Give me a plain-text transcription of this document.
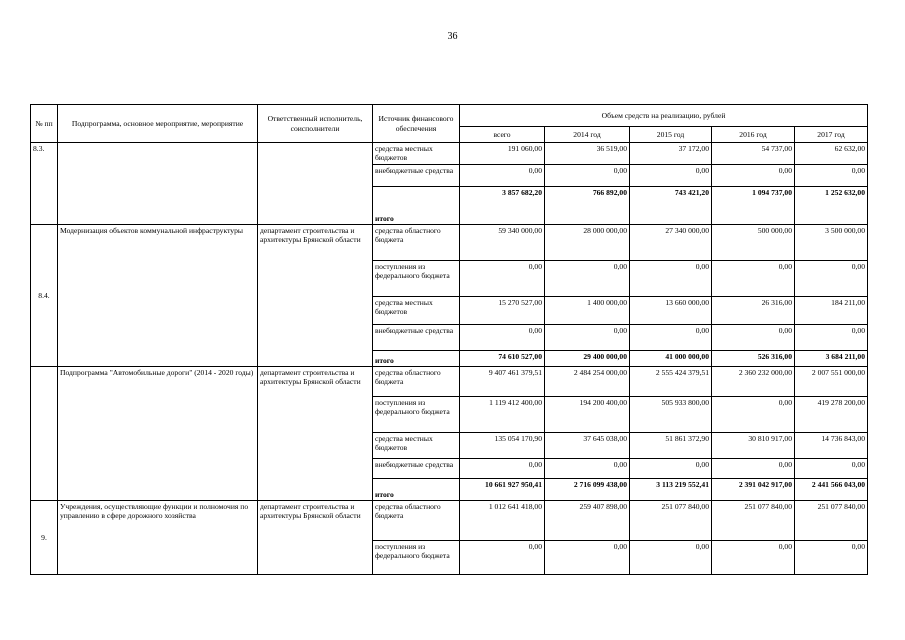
36
№ пп	Подпрограмма, основное мероприятие, мероприятие	Ответственный исполнитель, соисполнители	Источник финансового обеспечения	Объем средств на реализацию, рублей				
				всего	2014 год	2015 год	2016 год	2017 год
8.3.			средства местных бюджетов	191 060,00	36 519,00	37 172,00	54 737,00	62 632,00
			внебюджетные средства	0,00	0,00	0,00	0,00	0,00
			итого	3 857 682,20	766 892,00	743 421,20	1 094 737,00	1 252 632,00
8.4.	Модернизация объектов коммунальной инфраструктуры	департамент строительства и архитектуры Брянской области	средства областного бюджета	59 340 000,00	28 000 000,00	27 340 000,00	500 000,00	3 500 000,00
			поступления из федерального бюджета	0,00	0,00	0,00	0,00	0,00
			средства местных бюджетов	15 270 527,00	1 400 000,00	13 660 000,00	26 316,00	184 211,00
			внебюджетные средства	0,00	0,00	0,00	0,00	0,00
			итого	74 610 527,00	29 400 000,00	41 000 000,00	526 316,00	3 684 211,00
	Подпрограмма "Автомобильные дороги" (2014 - 2020 годы)	департамент строительства и архитектуры Брянской области	средства областного бюджета	9 407 461 379,51	2 484 254 000,00	2 555 424 379,51	2 360 232 000,00	2 007 551 000,00
			поступления из федерального бюджета	1 119 412 400,00	194 200 400,00	505 933 800,00	0,00	419 278 200,00
			средства местных бюджетов	135 054 170,90	37 645 038,00	51 861 372,90	30 810 917,00	14 736 843,00
			внебюджетные средства	0,00	0,00	0,00	0,00	0,00
			итого	10 661 927 950,41	2 716 099 438,00	3 113 219 552,41	2 391 042 917,00	2 441 566 043,00
9.	Учреждения, осуществляющие функции и полномочия по управлению в сфере дорожного хозяйства	департамент строительства и архитектуры Брянской области	средства областного бюджета	1 012 641 418,00	259 407 898,00	251 077 840,00	251 077 840,00	251 077 840,00
			поступления из федерального бюджета	0,00	0,00	0,00	0,00	0,00
